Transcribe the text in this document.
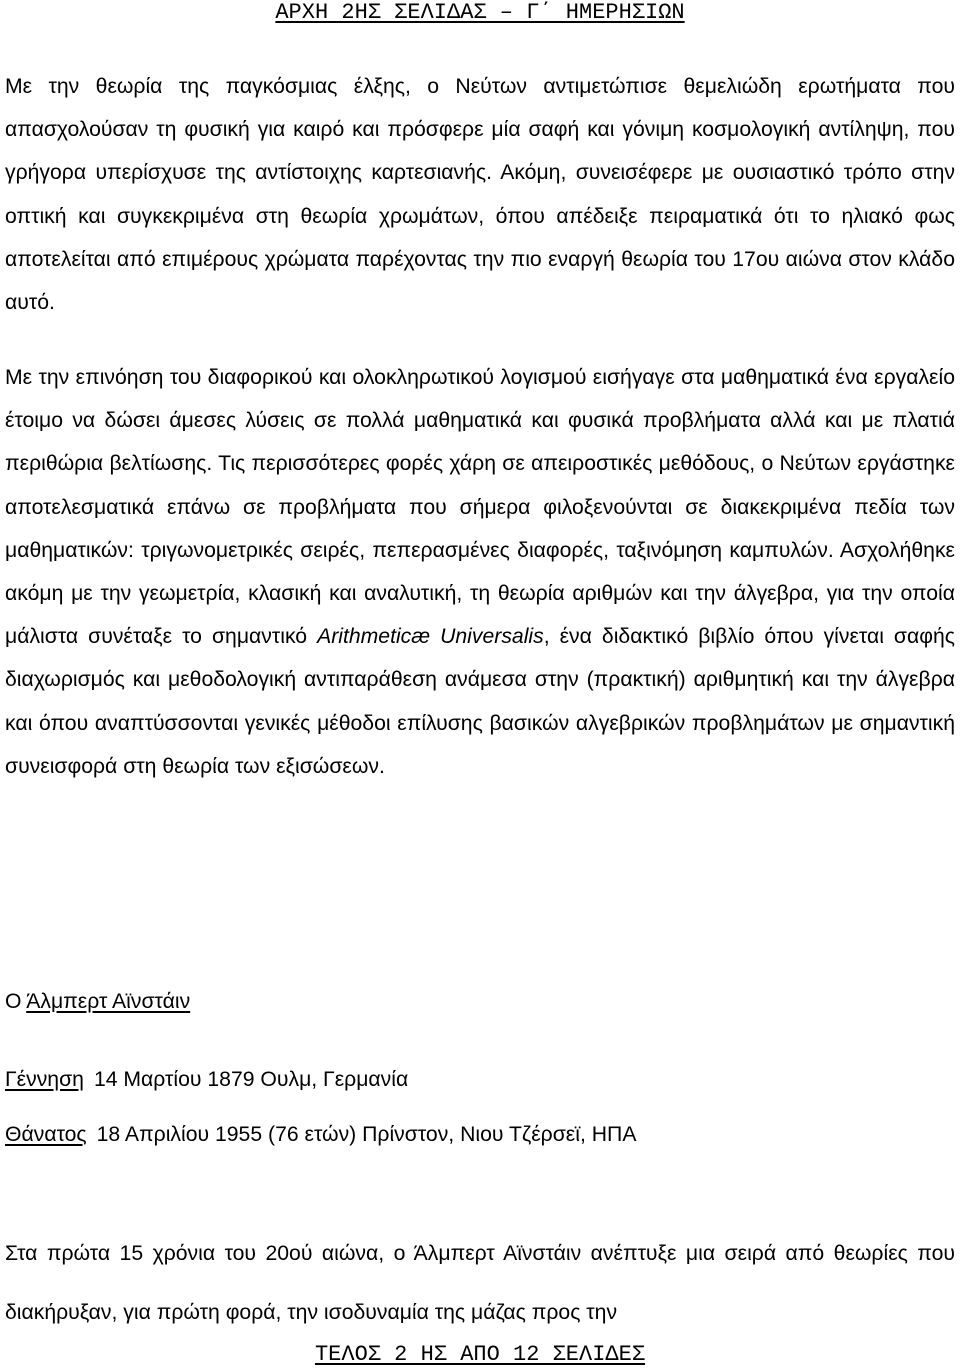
ΑΡΧΗ 2ΗΣ ΣΕΛΙΔΑΣ – Γ΄ ΗΜΕΡΗΣΙΩΝ

Με την θεωρία της παγκόσμιας έλξης, ο Νεύτων αντιμετώπισε θεμελιώδη ερωτήματα που απασχολούσαν τη φυσική για καιρό και πρόσφερε μία σαφή και γόνιμη κοσμολογική αντίληψη, που γρήγορα υπερίσχυσε της αντίστοιχης καρτεσιανής. Ακόμη, συνεισέφερε με ουσιαστικό τρόπο στην οπτική και συγκεκριμένα στη θεωρία χρωμάτων, όπου απέδειξε πειραματικά ότι το ηλιακό φως αποτελείται από επιμέρους χρώματα παρέχοντας την πιο εναργή θεωρία του 17ου αιώνα στον κλάδο αυτό.

Με την επινόηση του διαφορικού και ολοκληρωτικού λογισμού εισήγαγε στα μαθηματικά ένα εργαλείο έτοιμο να δώσει άμεσες λύσεις σε πολλά μαθηματικά και φυσικά προβλήματα αλλά και με πλατιά περιθώρια βελτίωσης. Τις περισσότερες φορές χάρη σε απειροστικές μεθόδους, ο Νεύτων εργάστηκε αποτελεσματικά επάνω σε προβλήματα που σήμερα φιλοξενούνται σε διακεκριμένα πεδία των μαθηματικών: τριγωνομετρικές σειρές, πεπερασμένες διαφορές, ταξινόμηση καμπυλών. Ασχολήθηκε ακόμη με την γεωμετρία, κλασική και αναλυτική, τη θεωρία αριθμών και την άλγεβρα, για την οποία μάλιστα συνέταξε το σημαντικό Arithmeticæ Universalis, ένα διδακτικό βιβλίο όπου γίνεται σαφής διαχωρισμός και μεθοδολογική αντιπαράθεση ανάμεσα στην (πρακτική) αριθμητική και την άλγεβρα και όπου αναπτύσσονται γενικές μέθοδοι επίλυσης βασικών αλγεβρικών προβλημάτων με σημαντική συνεισφορά στη θεωρία των εξισώσεων.

Ο Άλμπερτ Αϊνστάιν
Γέννηση 14 Μαρτίου 1879 Ουλμ, Γερμανία
Θάνατος 18 Απριλίου 1955 (76 ετών) Πρίνστον, Νιου Τζέρσεϊ, ΗΠΑ

Στα πρώτα 15 χρόνια του 20ού αιώνα, ο Άλμπερτ Αϊνστάιν ανέπτυξε μια σειρά από θεωρίες που διακήρυξαν, για πρώτη φορά, την ισοδυναμία της μάζας προς την

ΤΕΛΟΣ 2 ΗΣ ΑΠΟ 12 ΣΕΛΙΔΕΣ
